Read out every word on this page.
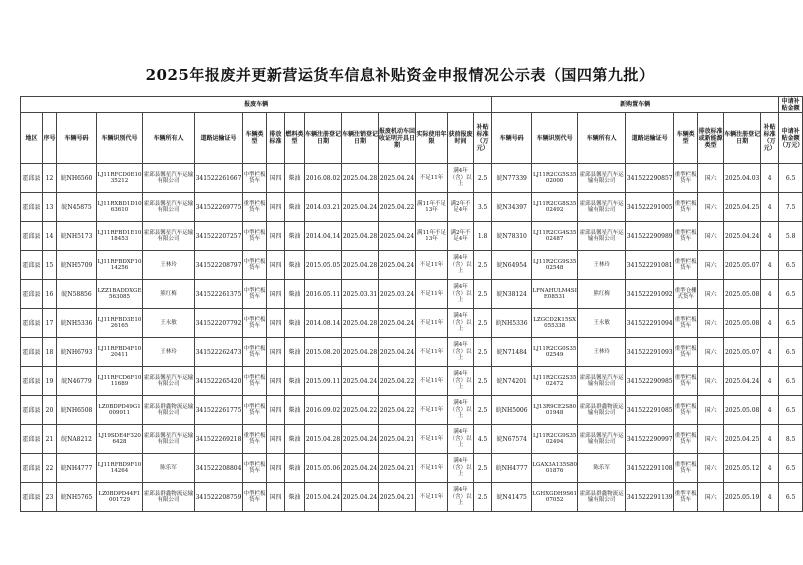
2025年报废并更新营运货车信息补贴资金申报情况公示表（国四第九批）
报废车辆															新购置车辆								申请补贴金额
地区	序号	车辆号码	车辆识别代号	车辆所有人	道路运输证号	车辆类型	排放标准	燃料类型	车辆注册登记日期	车辆注销登记日期	报废机动车回收证明开具日期	实际使用年限	获前报废时间	补贴标准（万元）	车辆号码	车辆识别代号	车辆所有人	道路运输证号	车辆类型	排放标准或新能源类型	车辆注册登记日期	补贴标准（万元）	申请补贴金额（万元）
霍邱县	12	皖NH6560	LJ11RFCD0E1035212	霍邱县馨星汽车运输有限公司	341522261667	中型栏板货车	国四	柴油	2016.08.02	2025.04.28	2025.04.24	不足11年	满4年（含）以上	2.5	皖N77339	LJ11R2CG5S3502000	霍邱县馨星汽车运输有限公司	341522290857	重型栏板货车	国六	2025.04.03	4	6.5
霍邱县	13	皖N45875	LJ11RXBD1D1063610	霍邱县馨星汽车运输有限公司	341522269775	重型栏板货车	国四	柴油	2014.03.21	2025.04.24	2025.04.22	满11年不足13年	满2年不足4年	3.5	皖N34397	LJ11R2CG8S3502492	霍邱县馨星汽车运输有限公司	341522291005	重型栏板货车	国六	2025.04.25	4	7.5
霍邱县	14	皖NH5173	LJ11RFBD1E1018453	霍邱县馨星汽车运输有限公司	341522207257	中型栏板货车	国四	柴油	2014.04.14	2025.04.28	2025.04.24	满11年不足13年	满2年不足4年	1.8	皖N78310	LJ11R2CG4S3502487	霍邱县馨星汽车运输有限公司	341522290989	重型栏板货车	国六	2025.04.24	4	5.8
霍邱县	15	皖NH5709	LJ11RFBDXF1014256	王林玲	341522208797	中型栏板货车	国四	柴油	2015.05.05	2025.04.28	2025.04.24	不足11年	满4年（含）以上	2.5	皖N64954	LJ11R2CG9S3502548	王林玲	341522291081	重型栏板货车	国六	2025.05.07	4	6.5
霍邱县	16	皖N58856	LZZ1BADDXGE563085	熊红梅	341522261375	中型栏板货车	国四	柴油	2016.05.11	2025.03.31	2025.03.24	不足11年	满4年（含）以上	2.5	皖N38124	LFNAHULM4SIE08531	熊红梅	341522291092	重型仓栅式货车	国六	2025.05.08	4	6.5
霍邱县	17	皖NH5336	LJ11RFBD3E1026165	王永敏	341522207792	中型栏板货车	国四	柴油	2014.08.14	2025.04.28	2025.04.24	不足11年	满4年（含）以上	2.5	皖NH5336	LZGCD2K15SX055338	王永敏	341522291094	重型栏板货车	国六	2025.05.08	4	6.5
霍邱县	18	皖NH6793	LJ11RFBD4F1020411	王林玲	341522262473	中型栏板货车	国四	柴油	2015.08.20	2025.04.28	2025.04.24	不足11年	满4年（含）以上	2.5	皖N71484	LJ11R2CG0S3502549	王林玲	341522291093	重型栏板货车	国六	2025.05.07	4	6.5
霍邱县	19	皖N46779	LJ11RFCD6F1011689	霍邱县馨星汽车运输有限公司	341522265420	中型栏板货车	国四	柴油	2015.09.11	2025.04.24	2025.04.22	不足11年	满4年（含）以上	2.5	皖N74201	LJ11R2CG2S3502472	霍邱县馨星汽车运输有限公司	341522290985	重型栏板货车	国六	2025.04.24	4	6.5
霍邱县	20	皖NH6508	LZ0BDPD49G1009911	霍邱县群鑫物流运输有限公司	341522261775	中型栏板货车	国四	柴油	2016.09.02	2025.04.22	2025.04.22	不足11年	满4年（含）以上	2.5	皖NH5006	LJ13R9CE2S8001948	霍邱县群鑫物流运输有限公司	341522291085	重型栏板货车	国六	2025.05.08	4	6.5
霍邱县	21	皖NA8212	LJ19SDE4F3206428	霍邱县馨星汽车运输有限公司	341522269218	重型栏板货车	国四	柴油	2015.04.28	2025.04.24	2025.04.21	不足11年	满4年（含）以上	4.5	皖N67574	LJ11R2CG9S3502494	霍邱县馨星汽车运输有限公司	341522290997	重型栏板货车	国六	2025.04.25	4	8.5
霍邱县	22	皖NH4777	LJ11RFBD9F1014264	陈乐军	341522208804	中型栏板货车	国四	柴油	2015.05.06	2025.04.24	2025.04.21	不足11年	满4年（含）以上	2.5	皖NH4777	LGAX3A135S8001876	陈乐军	341522291108	重型栏板货车	国六	2025.05.12	4	6.5
霍邱县	23	皖NH5765	LZ0BDPD44F1001729	霍邱县群鑫物流运输有限公司	341522208759	中型栏板货车	国四	柴油	2015.04.24	2025.04.24	2025.04.21	不足11年	满4年（含）以上	2.5	皖N41475	LGHXGDH9S6107052	霍邱县群鑫物流运输有限公司	341522291139	重型平板货车	国六	2025.05.19	4	6.5
